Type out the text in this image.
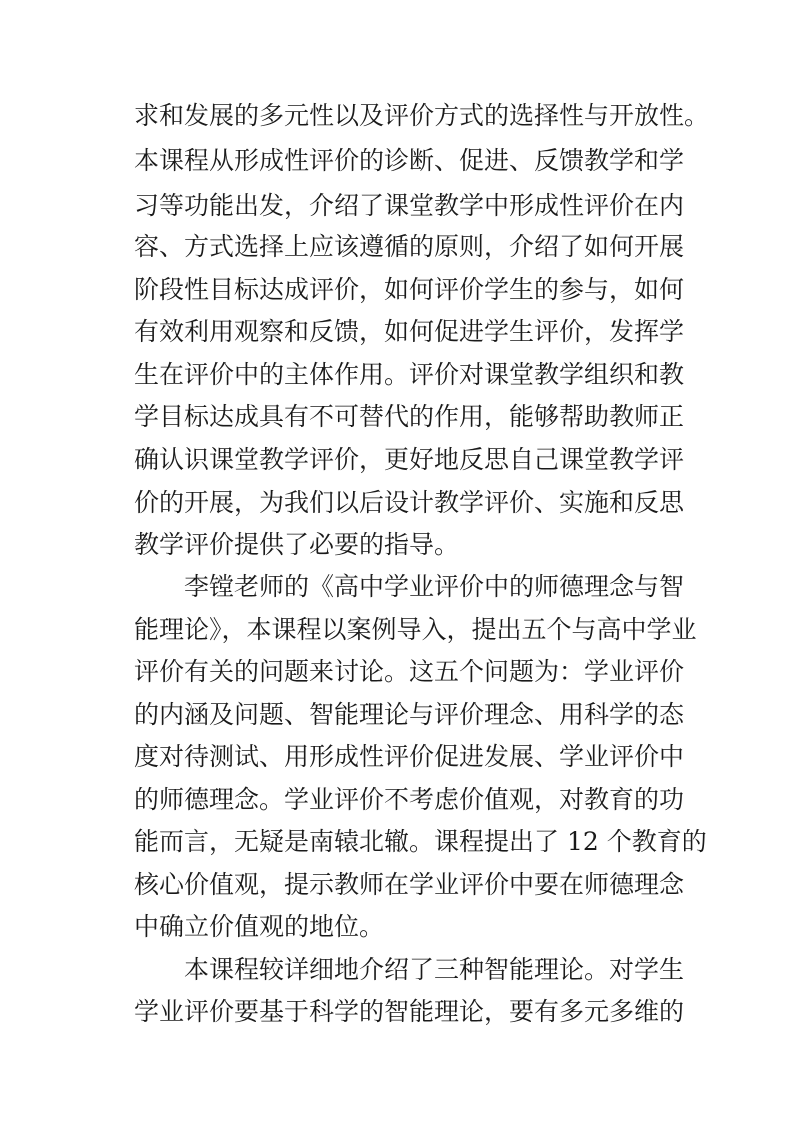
求和发展的多元性以及评价方式的选择性与开放性。
本课程从形成性评价的诊断、促进、反馈教学和学
习等功能出发，介绍了课堂教学中形成性评价在内
容、方式选择上应该遵循的原则，介绍了如何开展
阶段性目标达成评价，如何评价学生的参与，如何
有效利用观察和反馈，如何促进学生评价，发挥学
生在评价中的主体作用。评价对课堂教学组织和教
学目标达成具有不可替代的作用，能够帮助教师正
确认识课堂教学评价，更好地反思自己课堂教学评
价的开展，为我们以后设计教学评价、实施和反思
教学评价提供了必要的指导。
李镗老师的《高中学业评价中的师德理念与智
能理论》，本课程以案例导入，提出五个与高中学业
评价有关的问题来讨论。这五个问题为：学业评价
的内涵及问题、智能理论与评价理念、用科学的态
度对待测试、用形成性评价促进发展、学业评价中
的师德理念。学业评价不考虑价值观，对教育的功
能而言，无疑是南辕北辙。课程提出了 12 个教育的
核心价值观，提示教师在学业评价中要在师德理念
中确立价值观的地位。
本课程较详细地介绍了三种智能理论。对学生
学业评价要基于科学的智能理论，要有多元多维的
